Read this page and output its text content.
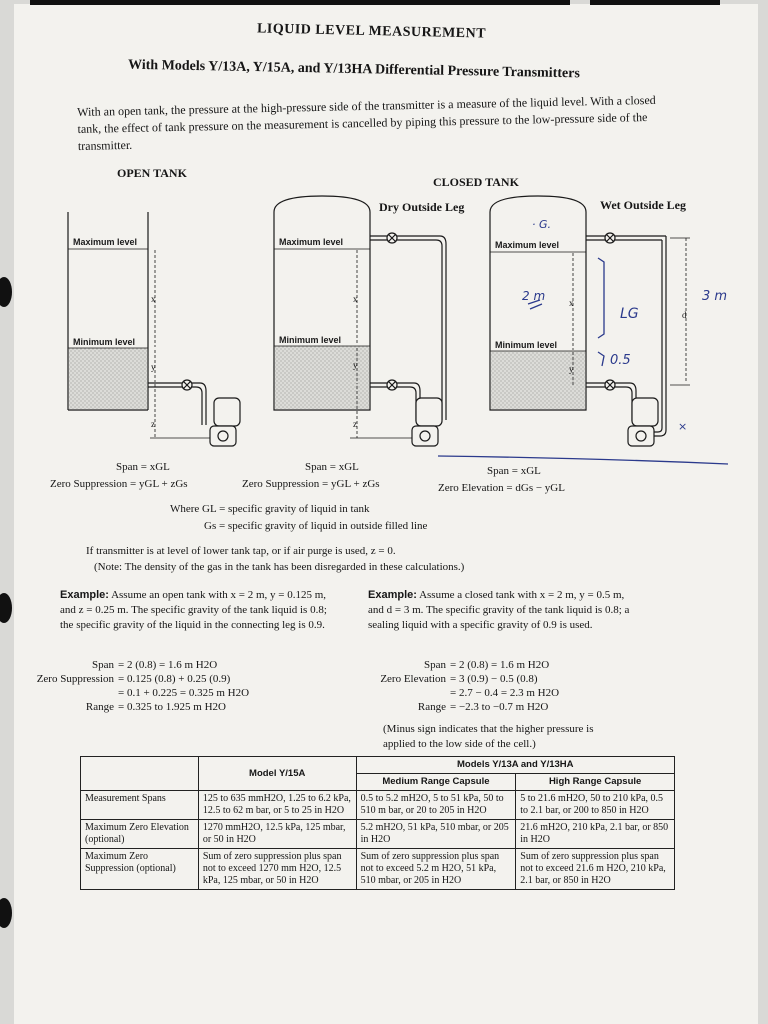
LIQUID LEVEL MEASUREMENT
With Models Y/13A, Y/15A, and Y/13HA Differential Pressure Transmitters
With an open tank, the pressure at the high-pressure side of the transmitter is a measure of the liquid level. With a closed tank, the effect of tank pressure on the measurement is cancelled by piping this pressure to the low-pressure side of the transmitter.
OPEN TANK
CLOSED TANK
Dry Outside Leg	Wet Outside Leg
Maximum level
Minimum level
Maximum level
Minimum level
Maximum level
Minimum level
x
y
z
x
y
z
x
y
d
· G.
2 m
LG
0.5
3 m
×
Span = xGL
Zero Suppression = yGL + zGs
Span = xGL
Zero Suppression = yGL + zGs
Span = xGL
Zero Elevation = dGs − yGL
Where GL = specific gravity of liquid in tank
Gs = specific gravity of liquid in outside filled line
If transmitter is at level of lower tank tap, or if air purge is used, z = 0.
(Note: The density of the gas in the tank has been disregarded in these calculations.)
Example: Assume an open tank with x = 2 m, y = 0.125 m, and z = 0.25 m. The specific gravity of the tank liquid is 0.8; the specific gravity of the liquid in the connecting leg is 0.9.
Span = 2 (0.8) = 1.6 m H2O
Zero Suppression = 0.125 (0.8) + 0.25 (0.9)
= 0.1 + 0.225 = 0.325 m H2O
Range = 0.325 to 1.925 m H2O
Example: Assume a closed tank with x = 2 m, y = 0.5 m, and d = 3 m. The specific gravity of the tank liquid is 0.8; a sealing liquid with a specific gravity of 0.9 is used.
Span = 2 (0.8) = 1.6 m H2O
Zero Elevation = 3 (0.9) − 0.5 (0.8)
= 2.7 − 0.4 = 2.3 m H2O
Range = −2.3 to −0.7 m H2O
(Minus sign indicates that the higher pressure is applied to the low side of the cell.)
	Model Y/15A	Models Y/13A and Y/13HA	
		Medium Range Capsule	High Range Capsule
Measurement Spans	125 to 635 mmH2O, 1.25 to 6.2 kPa, 12.5 to 62 m bar, or 5 to 25 in H2O	0.5 to 5.2 mH2O, 5 to 51 kPa, 50 to 510 m bar, or 20 to 205 in H2O	5 to 21.6 mH2O, 50 to 210 kPa, 0.5 to 2.1 bar, or 200 to 850 in H2O
Maximum Zero Elevation (optional)	1270 mmH2O, 12.5 kPa, 125 mbar, or 50 in H2O	5.2 mH2O, 51 kPa, 510 mbar, or 205 in H2O	21.6 mH2O, 210 kPa, 2.1 bar, or 850 in H2O
Maximum Zero Suppression (optional)	Sum of zero suppression plus span not to exceed 1270 mm H2O, 12.5 kPa, 125 mbar, or 50 in H2O	Sum of zero suppression plus span not to exceed 5.2 m H2O, 51 kPa, 510 mbar, or 205 in H2O	Sum of zero suppression plus span not to exceed 21.6 m H2O, 210 kPa, 2.1 bar, or 850 in H2O
